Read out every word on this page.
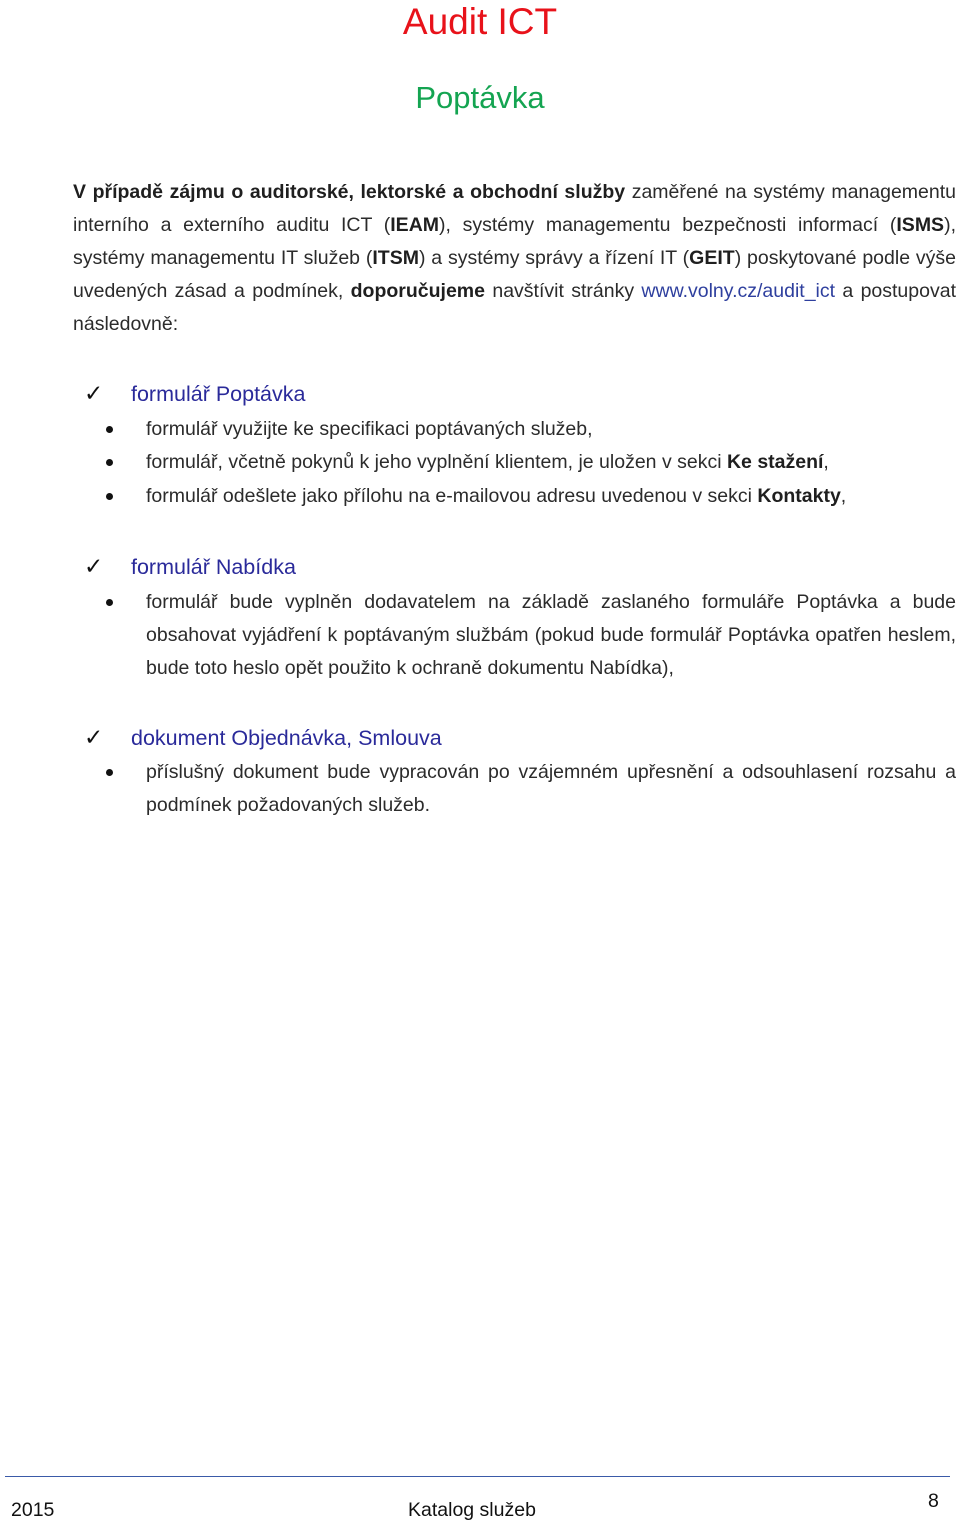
Audit ICT
Poptávka

V případě zájmu o auditorské, lektorské a obchodní služby zaměřené na systémy managementu interního a externího auditu ICT (IEAM), systémy managementu bezpečnosti informací (ISMS), systémy managementu IT služeb (ITSM) a systémy správy a řízení IT (GEIT) poskytované podle výše uvedených zásad a podmínek, doporučujeme navštívit stránky www.volny.cz/audit_ict a postupovat následovně:

✓ formulář Poptávka
formulář využijte ke specifikaci poptávaných služeb,
formulář, včetně pokynů k jeho vyplnění klientem, je uložen v sekci Ke stažení,
formulář odešlete jako přílohu na e-mailovou adresu uvedenou v sekci Kontakty,
✓ formulář Nabídka
formulář bude vyplněn dodavatelem na základě zaslaného formuláře Poptávka a bude obsahovat vyjádření k poptávaným službám (pokud bude formulář Poptávka opatřen heslem, bude toto heslo opět použito k ochraně dokumentu Nabídka),
✓ dokument Objednávka, Smlouva
příslušný dokument bude vypracován po vzájemném upřesnění a odsouhlasení rozsahu a podmínek požadovaných služeb.
2015	Katalog služeb	8
